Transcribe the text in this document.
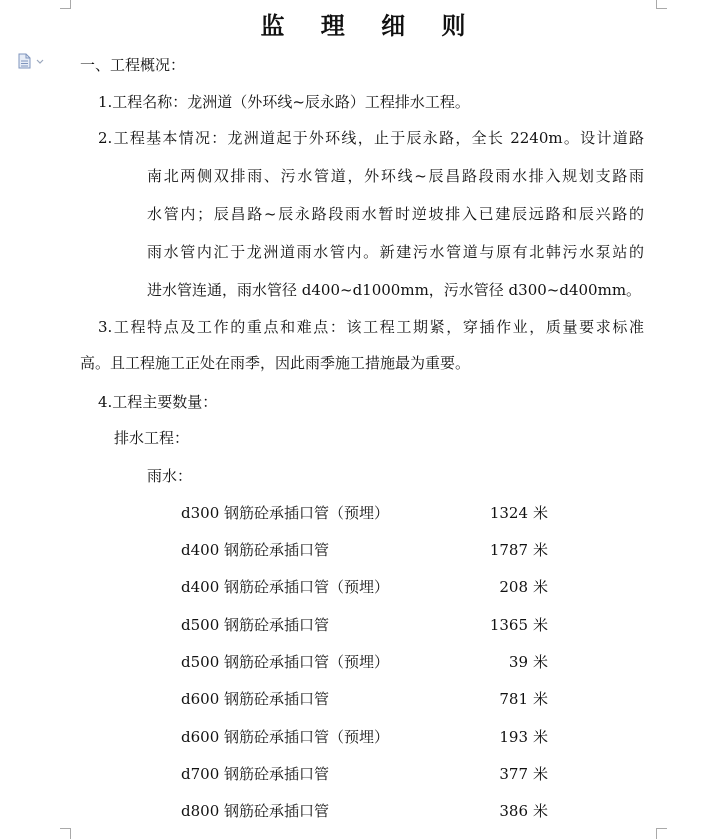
监 理 细 则
一、工程概况：
1.工程名称：龙洲道（外环线~辰永路）工程排水工程。
2.工程基本情况：龙洲道起于外环线，止于辰永路，全长 2240m。设计道路
南北两侧双排雨、污水管道，外环线~辰昌路段雨水排入规划支路雨
水管内；辰昌路~辰永路段雨水暂时逆坡排入已建辰远路和辰兴路的
雨水管内汇于龙洲道雨水管内。新建污水管道与原有北韩污水泵站的
进水管连通，雨水管径 d400~d1000mm，污水管径 d300~d400mm。
3.工程特点及工作的重点和难点：该工程工期紧，穿插作业，质量要求标准
高。且工程施工正处在雨季，因此雨季施工措施最为重要。
4.工程主要数量：
排水工程：
雨水：
d300 钢筋砼承插口管（预埋）	1324 米
d400 钢筋砼承插口管	1787 米
d400 钢筋砼承插口管（预埋）	208 米
d500 钢筋砼承插口管	1365 米
d500 钢筋砼承插口管（预埋）	39 米
d600 钢筋砼承插口管	781 米
d600 钢筋砼承插口管（预埋）	193 米
d700 钢筋砼承插口管	377 米
d800 钢筋砼承插口管	386 米
